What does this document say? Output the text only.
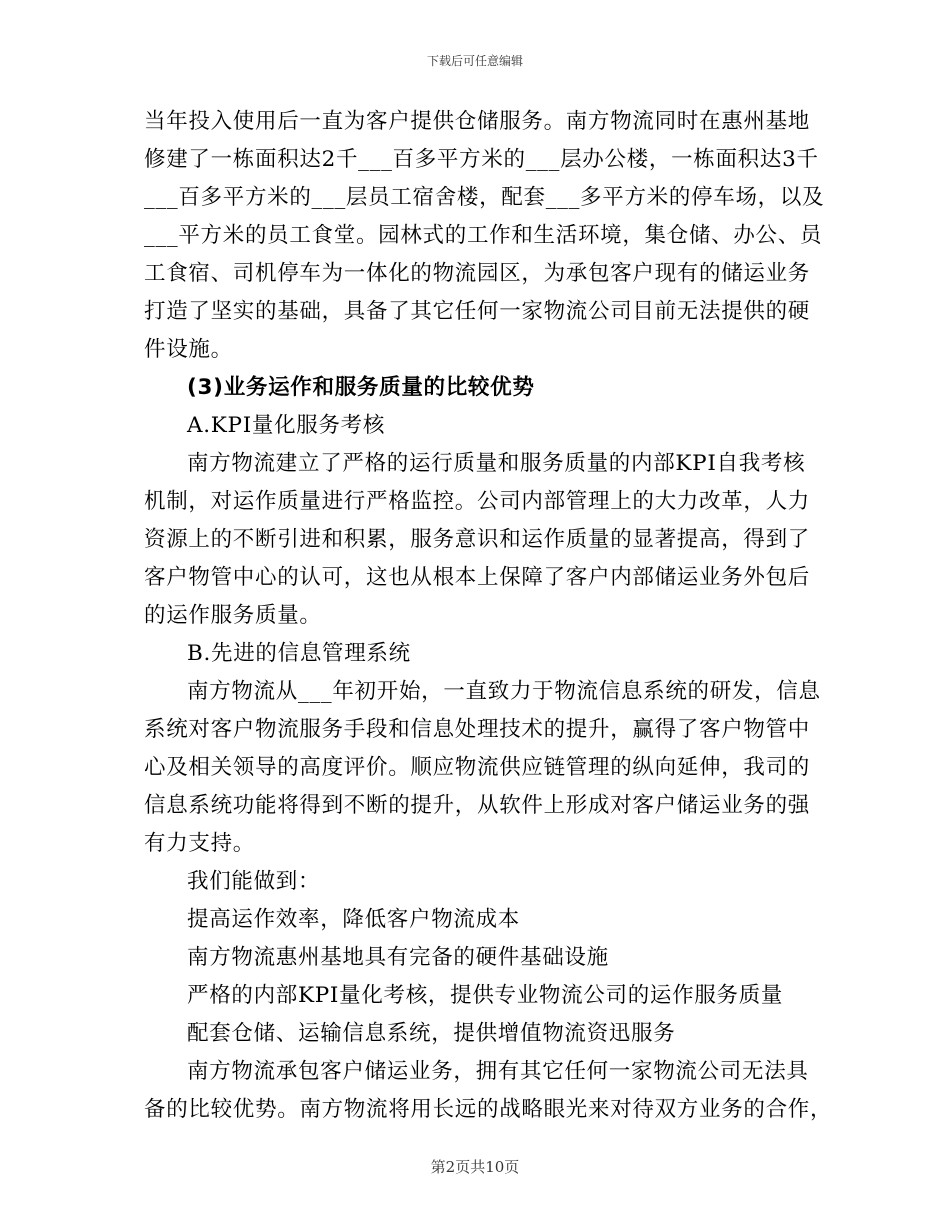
下载后可任意编辑
当年投入使用后一直为客户提供仓储服务。南方物流同时在惠州基地
修建了一栋面积达2千___百多平方米的___层办公楼，一栋面积达3千
___百多平方米的___层员工宿舍楼，配套___多平方米的停车场，以及
___平方米的员工食堂。园林式的工作和生活环境，集仓储、办公、员
工食宿、司机停车为一体化的物流园区，为承包客户现有的储运业务
打造了坚实的基础，具备了其它任何一家物流公司目前无法提供的硬
件设施。
(3)业务运作和服务质量的比较优势
A.KPI量化服务考核
南方物流建立了严格的运行质量和服务质量的内部KPI自我考核
机制，对运作质量进行严格监控。公司内部管理上的大力改革，人力
资源上的不断引进和积累，服务意识和运作质量的显著提高，得到了
客户物管中心的认可，这也从根本上保障了客户内部储运业务外包后
的运作服务质量。
B.先进的信息管理系统
南方物流从___年初开始，一直致力于物流信息系统的研发，信息
系统对客户物流服务手段和信息处理技术的提升，赢得了客户物管中
心及相关领导的高度评价。顺应物流供应链管理的纵向延伸，我司的
信息系统功能将得到不断的提升，从软件上形成对客户储运业务的强
有力支持。
我们能做到：
提高运作效率，降低客户物流成本
南方物流惠州基地具有完备的硬件基础设施
严格的内部KPI量化考核，提供专业物流公司的运作服务质量
配套仓储、运输信息系统，提供增值物流资迅服务
南方物流承包客户储运业务，拥有其它任何一家物流公司无法具
备的比较优势。南方物流将用长远的战略眼光来对待双方业务的合作，
第2页共10页
